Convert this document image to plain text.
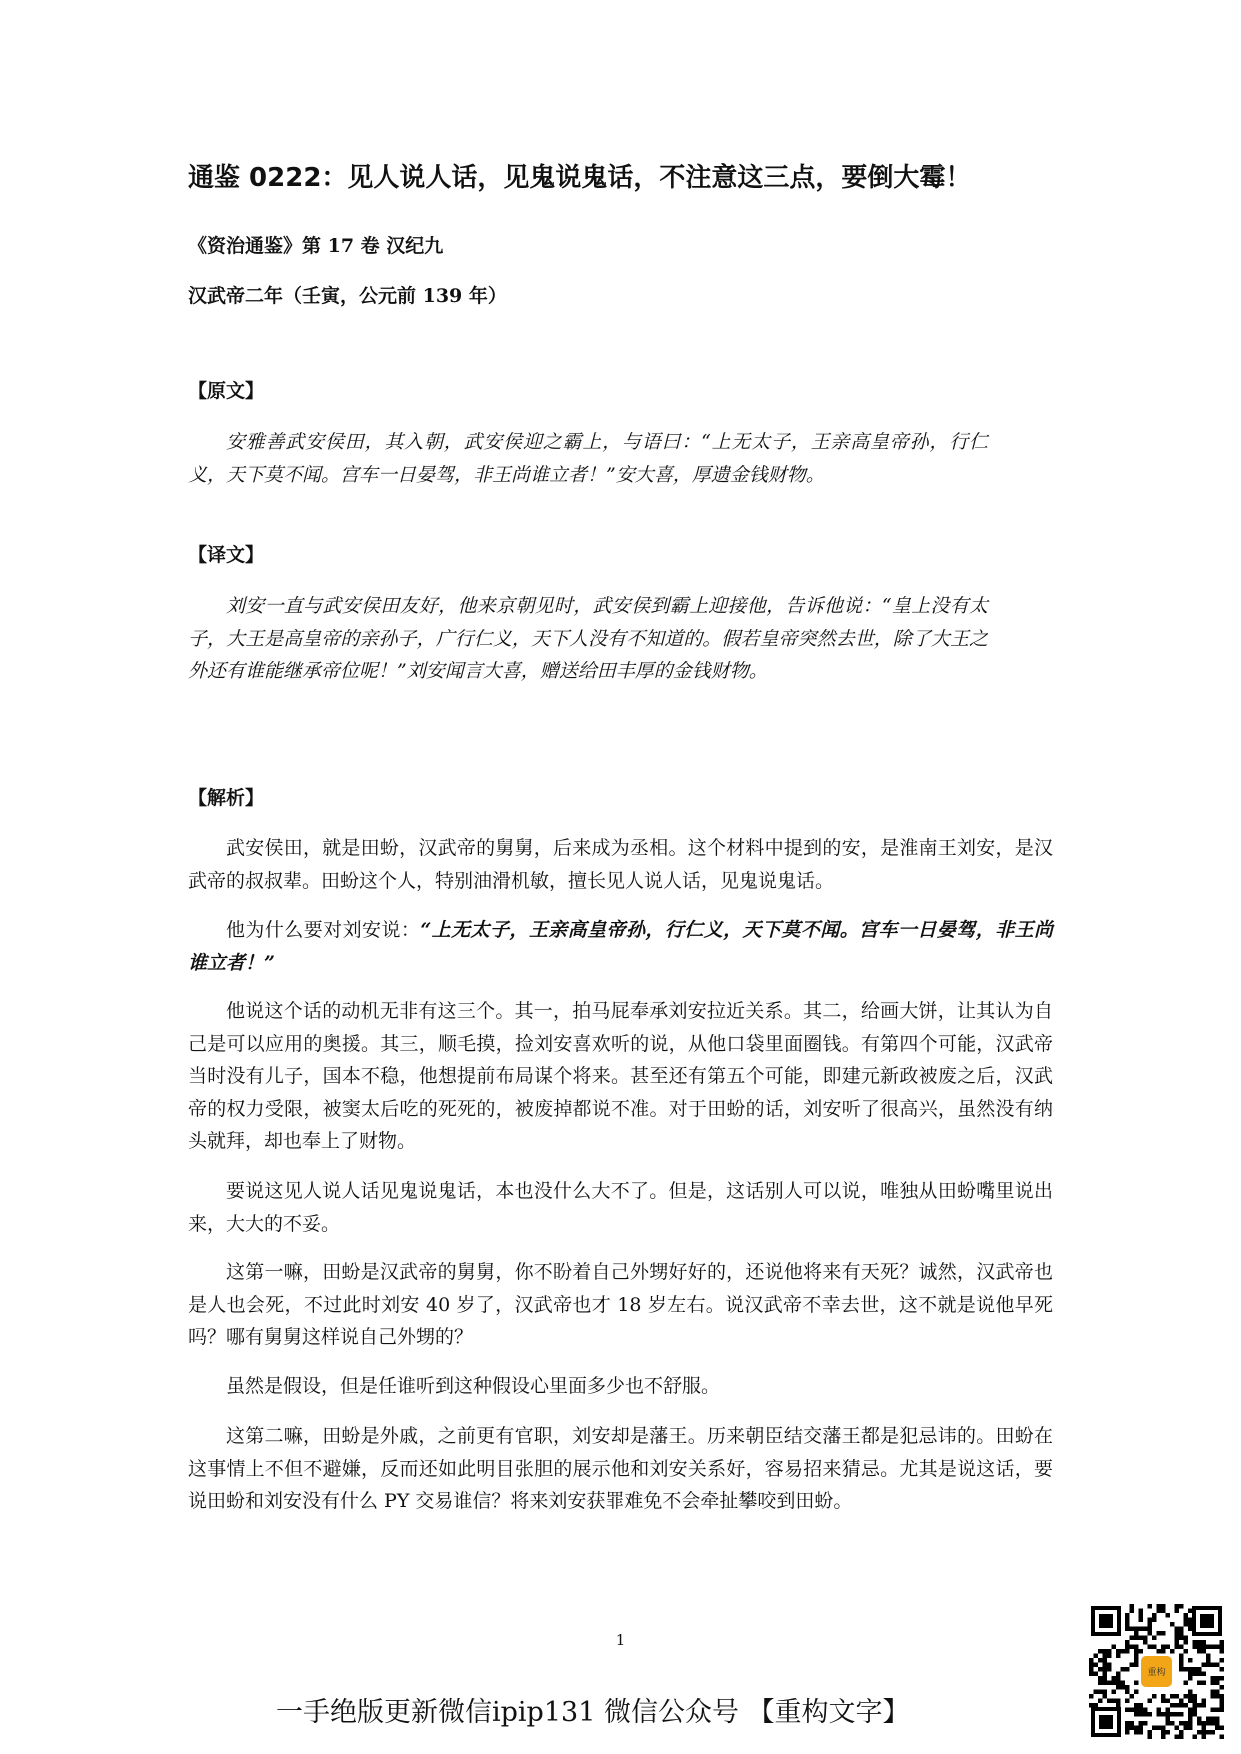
通鉴 0222：见人说人话，见鬼说鬼话，不注意这三点，要倒大霉！
《资治通鉴》第 17 卷 汉纪九
汉武帝二年（壬寅，公元前 139 年）
【原文】

安雅善武安侯田，其入朝，武安侯迎之霸上，与语曰：“上无太子，王亲高皇帝孙，行仁义，天下莫不闻。宫车一日晏驾，非王尚谁立者！”安大喜，厚遗金钱财物。

【译文】

刘安一直与武安侯田友好，他来京朝见时，武安侯到霸上迎接他，告诉他说：“皇上没有太子，大王是高皇帝的亲孙子，广行仁义，天下人没有不知道的。假若皇帝突然去世，除了大王之外还有谁能继承帝位呢！”刘安闻言大喜，赠送给田丰厚的金钱财物。

【解析】

武安侯田，就是田蚡，汉武帝的舅舅，后来成为丞相。这个材料中提到的安，是淮南王刘安，是汉武帝的叔叔辈。田蚡这个人，特别油滑机敏，擅长见人说人话，见鬼说鬼话。

他为什么要对刘安说：“上无太子，王亲高皇帝孙，行仁义，天下莫不闻。宫车一日晏驾，非王尚谁立者！”

他说这个话的动机无非有这三个。其一，拍马屁奉承刘安拉近关系。其二，给画大饼，让其认为自己是可以应用的奥援。其三，顺毛摸，捡刘安喜欢听的说，从他口袋里面圈钱。有第四个可能，汉武帝当时没有儿子，国本不稳，他想提前布局谋个将来。甚至还有第五个可能，即建元新政被废之后，汉武帝的权力受限，被窦太后吃的死死的，被废掉都说不准。对于田蚡的话，刘安听了很高兴，虽然没有纳头就拜，却也奉上了财物。

要说这见人说人话见鬼说鬼话，本也没什么大不了。但是，这话别人可以说，唯独从田蚡嘴里说出来，大大的不妥。

这第一嘛，田蚡是汉武帝的舅舅，你不盼着自己外甥好好的，还说他将来有天死？诚然，汉武帝也是人也会死，不过此时刘安 40 岁了，汉武帝也才 18 岁左右。说汉武帝不幸去世，这不就是说他早死吗？哪有舅舅这样说自己外甥的？

虽然是假设，但是任谁听到这种假设心里面多少也不舒服。

这第二嘛，田蚡是外戚，之前更有官职，刘安却是藩王。历来朝臣结交藩王都是犯忌讳的。田蚡在这事情上不但不避嫌，反而还如此明目张胆的展示他和刘安关系好，容易招来猜忌。尤其是说这话，要说田蚡和刘安没有什么 PY 交易谁信？将来刘安获罪难免不会牵扯攀咬到田蚡。

1
一手绝版更新微信ipip131 微信公众号 【重构文字】
重构
